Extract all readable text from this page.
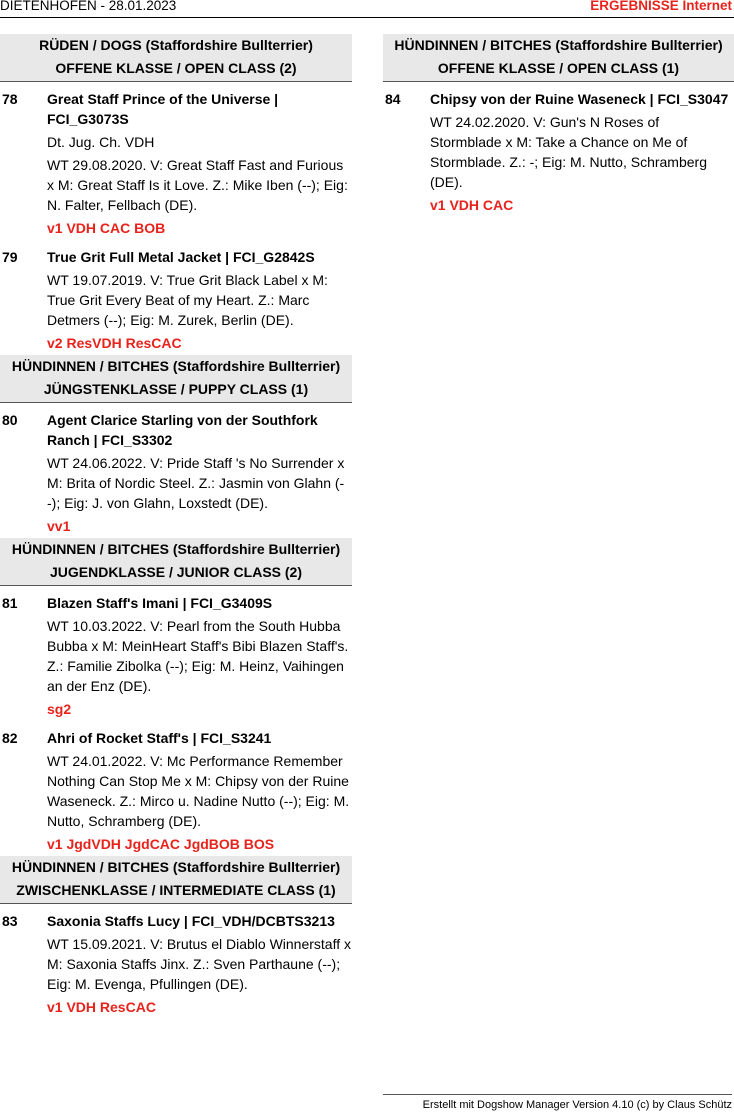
DIETENHOFEN - 28.01.2023	ERGEBNISSE Internet
RÜDEN / DOGS (Staffordshire Bullterrier)
OFFENE KLASSE / OPEN CLASS (2)
78 Great Staff Prince of the Universe | FCI_G3073S
Dt. Jug. Ch. VDH
WT 29.08.2020. V: Great Staff Fast and Furious x M: Great Staff Is it Love. Z.: Mike Iben (--); Eig: N. Falter, Fellbach (DE).
v1 VDH CAC BOB
79 True Grit Full Metal Jacket | FCI_G2842S
WT 19.07.2019. V: True Grit Black Label x M: True Grit Every Beat of my Heart. Z.: Marc Detmers (--); Eig: M. Zurek, Berlin (DE).
v2 ResVDH ResCAC
HÜNDINNEN / BITCHES (Staffordshire Bullterrier)
JÜNGSTENKLASSE / PUPPY CLASS (1)
80 Agent Clarice Starling von der Southfork Ranch | FCI_S3302
WT 24.06.2022. V: Pride Staff 's No Surrender x M: Brita of Nordic Steel. Z.: Jasmin von Glahn (--); Eig: J. von Glahn, Loxstedt (DE).
vv1
HÜNDINNEN / BITCHES (Staffordshire Bullterrier)
JUGENDKLASSE / JUNIOR CLASS (2)
81 Blazen Staff's Imani | FCI_G3409S
WT 10.03.2022. V: Pearl from the South Hubba Bubba x M: MeinHeart Staff's Bibi Blazen Staff's. Z.: Familie Zibolka (--); Eig: M. Heinz, Vaihingen an der Enz (DE).
sg2
82 Ahri of Rocket Staff's | FCI_S3241
WT 24.01.2022. V: Mc Performance Remember Nothing Can Stop Me x M: Chipsy von der Ruine Waseneck. Z.: Mirco u. Nadine Nutto (--); Eig: M. Nutto, Schramberg (DE).
v1 JgdVDH JgdCAC JgdBOB BOS
HÜNDINNEN / BITCHES (Staffordshire Bullterrier)
ZWISCHENKLASSE / INTERMEDIATE CLASS (1)
83 Saxonia Staffs Lucy | FCI_VDH/DCBTS3213
WT 15.09.2021. V: Brutus el Diablo Winnerstaff x M: Saxonia Staffs Jinx. Z.: Sven Parthaune (--); Eig: M. Evenga, Pfullingen (DE).
v1 VDH ResCAC
HÜNDINNEN / BITCHES (Staffordshire Bullterrier)
OFFENE KLASSE / OPEN CLASS (1)
84 Chipsy von der Ruine Waseneck | FCI_S3047
WT 24.02.2020. V: Gun's N Roses of Stormblade x M: Take a Chance on Me of Stormblade. Z.: -; Eig: M. Nutto, Schramberg (DE).
v1 VDH CAC
Erstellt mit Dogshow Manager Version 4.10 (c) by Claus Schütz
